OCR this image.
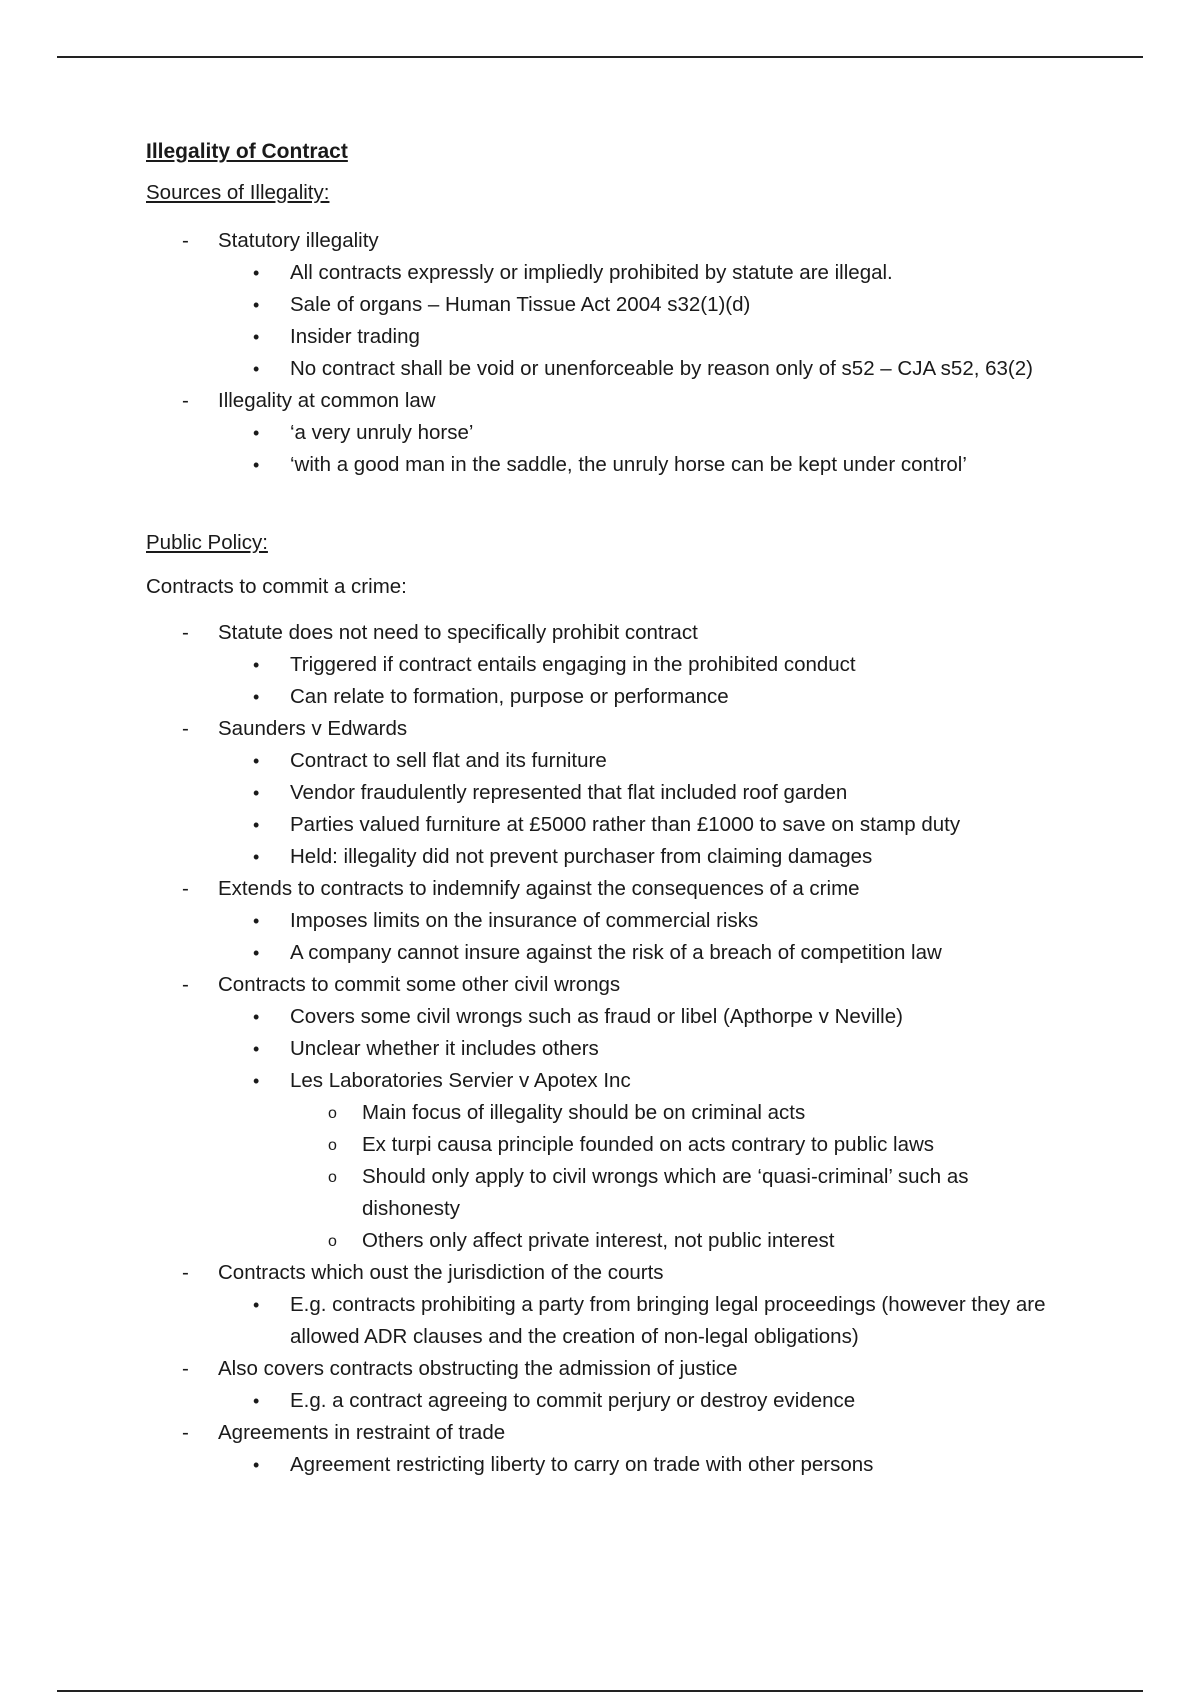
Illegality of Contract
Sources of Illegality:
- Statutory illegality
• All contracts expressly or impliedly prohibited by statute are illegal.
• Sale of organs – Human Tissue Act 2004 s32(1)(d)
• Insider trading
• No contract shall be void or unenforceable by reason only of s52 – CJA s52, 63(2)
- Illegality at common law
• ‘a very unruly horse’
• ‘with a good man in the saddle, the unruly horse can be kept under control’
Public Policy:
Contracts to commit a crime:
- Statute does not need to specifically prohibit contract
• Triggered if contract entails engaging in the prohibited conduct
• Can relate to formation, purpose or performance
- Saunders v Edwards
• Contract to sell flat and its furniture
• Vendor fraudulently represented that flat included roof garden
• Parties valued furniture at £5000 rather than £1000 to save on stamp duty
• Held: illegality did not prevent purchaser from claiming damages
- Extends to contracts to indemnify against the consequences of a crime
• Imposes limits on the insurance of commercial risks
• A company cannot insure against the risk of a breach of competition law
- Contracts to commit some other civil wrongs
• Covers some civil wrongs such as fraud or libel (Apthorpe v Neville)
• Unclear whether it includes others
• Les Laboratories Servier v Apotex Inc
o Main focus of illegality should be on criminal acts
o Ex turpi causa principle founded on acts contrary to public laws
o Should only apply to civil wrongs which are ‘quasi-criminal’ such as dishonesty
o Others only affect private interest, not public interest
- Contracts which oust the jurisdiction of the courts
• E.g. contracts prohibiting a party from bringing legal proceedings (however they are allowed ADR clauses and the creation of non-legal obligations)
- Also covers contracts obstructing the admission of justice
• E.g. a contract agreeing to commit perjury or destroy evidence
- Agreements in restraint of trade
• Agreement restricting liberty to carry on trade with other persons
